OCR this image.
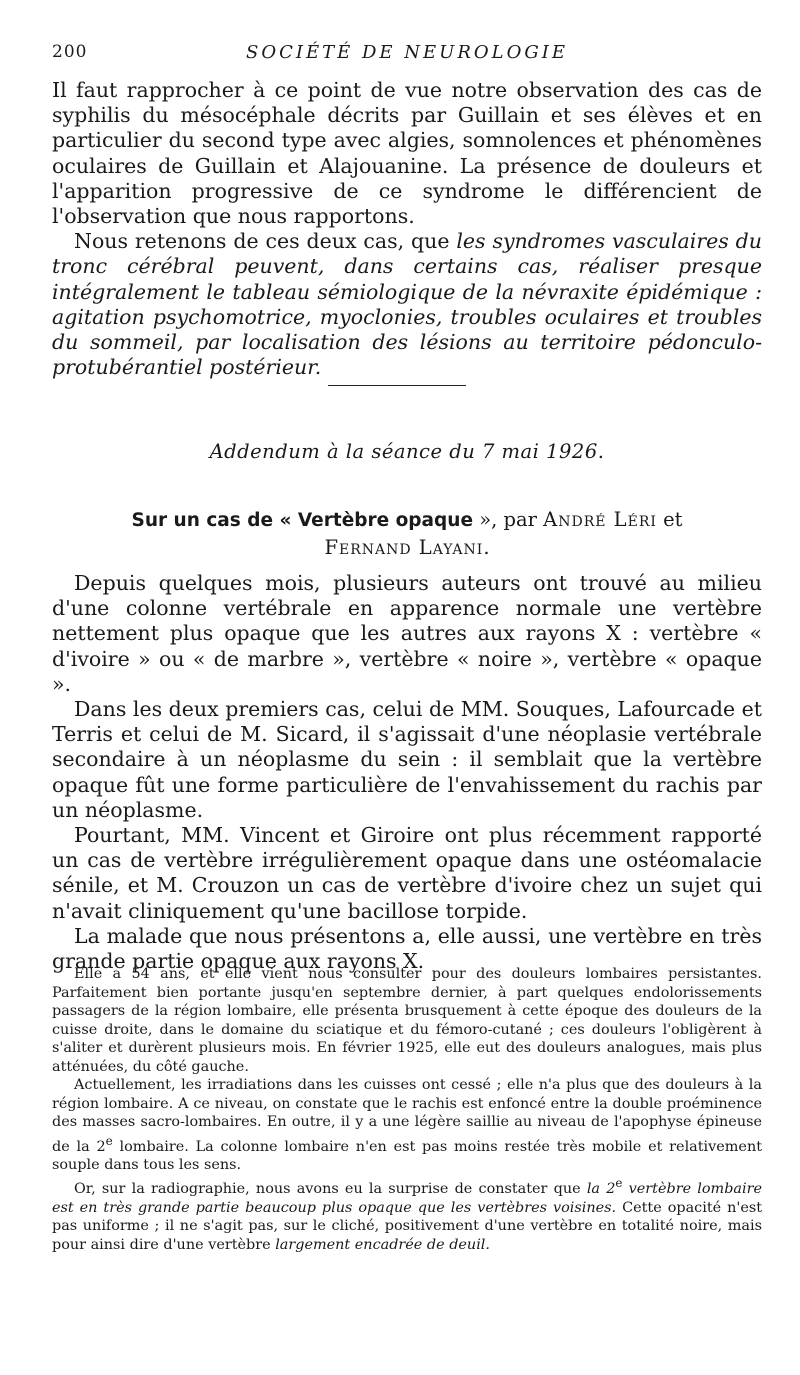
200	SOCIÉTÉ DE NEUROLOGIE

Il faut rapprocher à ce point de vue notre observation des cas de syphilis du mésocéphale décrits par Guillain et ses élèves et en particulier du second type avec algies, somnolences et phénomènes oculaires de Guillain et Alajouanine. La présence de douleurs et l'apparition progressive de ce syndrome le différencient de l'observation que nous rapportons.

Nous retenons de ces deux cas, que les syndromes vasculaires du tronc cérébral peuvent, dans certains cas, réaliser presque intégralement le tableau sémiologique de la névraxite épidémique : agitation psychomotrice, myoclonies, troubles oculaires et troubles du sommeil, par localisation des lésions au territoire pédonculo-protubérantiel postérieur.

Addendum à la séance du 7 mai 1926.
Sur un cas de « Vertèbre opaque », par André Léri et
Fernand Layani.

Depuis quelques mois, plusieurs auteurs ont trouvé au milieu d'une colonne vertébrale en apparence normale une vertèbre nettement plus opaque que les autres aux rayons X : vertèbre « d'ivoire » ou « de marbre », vertèbre « noire », vertèbre « opaque ».

Dans les deux premiers cas, celui de MM. Souques, Lafourcade et Terris et celui de M. Sicard, il s'agissait d'une néoplasie vertébrale secondaire à un néoplasme du sein : il semblait que la vertèbre opaque fût une forme particulière de l'envahissement du rachis par un néoplasme.

Pourtant, MM. Vincent et Giroire ont plus récemment rapporté un cas de vertèbre irrégulièrement opaque dans une ostéomalacie sénile, et M. Crouzon un cas de vertèbre d'ivoire chez un sujet qui n'avait cliniquement qu'une bacillose torpide.

La malade que nous présentons a, elle aussi, une vertèbre en très grande partie opaque aux rayons X.

Elle a 54 ans, et elle vient nous consulter pour des douleurs lombaires persistantes. Parfaitement bien portante jusqu'en septembre dernier, à part quelques endolorissements passagers de la région lombaire, elle présenta brusquement à cette époque des douleurs de la cuisse droite, dans le domaine du sciatique et du fémoro-cutané ; ces douleurs l'obligèrent à s'aliter et durèrent plusieurs mois. En février 1925, elle eut des douleurs analogues, mais plus atténuées, du côté gauche.

Actuellement, les irradiations dans les cuisses ont cessé ; elle n'a plus que des douleurs à la région lombaire. A ce niveau, on constate que le rachis est enfoncé entre la double proéminence des masses sacro-lombaires. En outre, il y a une légère saillie au niveau de l'apophyse épineuse de la 2e lombaire. La colonne lombaire n'en est pas moins restée très mobile et relativement souple dans tous les sens.

Or, sur la radiographie, nous avons eu la surprise de constater que la 2e vertèbre lombaire est en très grande partie beaucoup plus opaque que les vertèbres voisines. Cette opacité n'est pas uniforme ; il ne s'agit pas, sur le cliché, positivement d'une vertèbre en totalité noire, mais pour ainsi dire d'une vertèbre largement encadrée de deuil.
